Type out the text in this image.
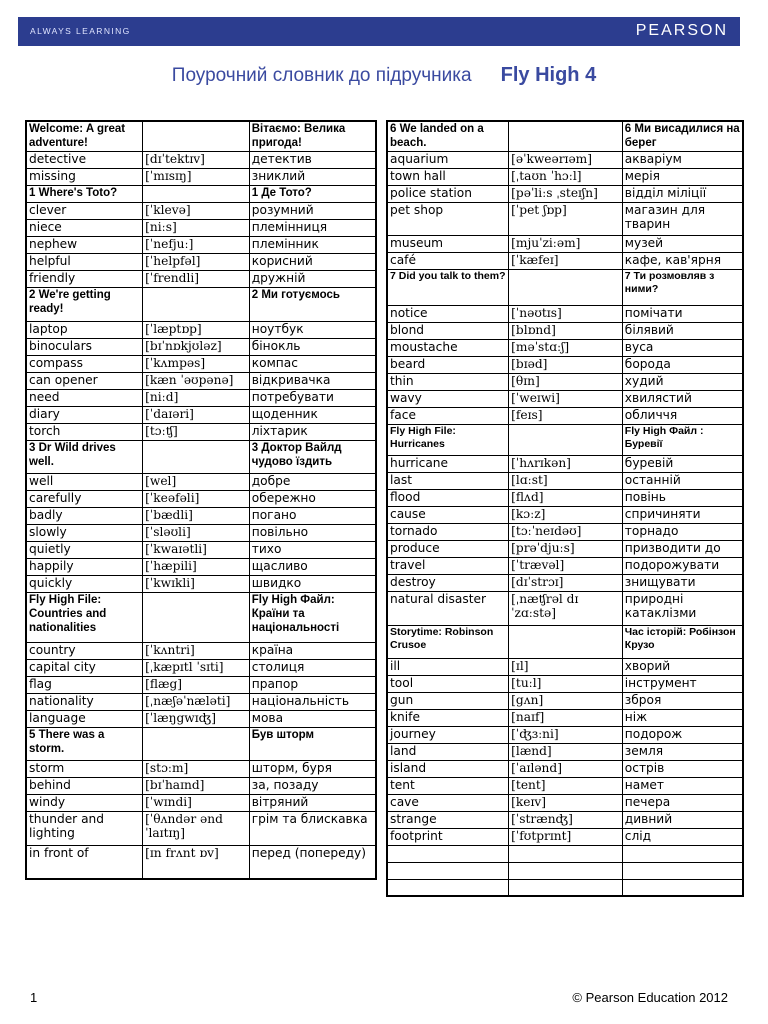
ALWAYS LEARNING	PEARSON
Поурочний словник до підручника Fly High 4
Welcome: A great adventure!		Вітаємо: Велика пригода!
detective	[dɪˈtektɪv]	детектив
missing	[ˈmɪsɪŋ]	зниклий
1 Where's Toto?		1 Де Тото?
clever	[ˈklevə]	розумний
niece	[niːs]	племінниця
nephew	[ˈnefjuː]	племінник
helpful	[ˈhelpfəl]	корисний
friendly	[ˈfrendli]	дружній
2 We're getting ready!		2 Ми готуємось
laptop	[ˈlæptɒp]	ноутбук
binoculars	[bɪˈnɒkjʊləz]	бінокль
compass	[ˈkʌmpəs]	компас
can opener	[kæn ˈəʊpənə]	відкривачка
need	[niːd]	потребувати
diary	[ˈdaɪəri]	щоденник
torch	[tɔːʧ]	ліхтарик
3 Dr Wild drives well.		3 Доктор Вайлд чудово їздить
well	[wel]	добре
carefully	[ˈkeəfəli]	обережно
badly	[ˈbædli]	погано
slowly	[ˈsləʊli]	повільно
quietly	[ˈkwaɪətli]	тихо
happily	[ˈhæpili]	щасливо
quickly	[ˈkwɪkli]	швидко
Fly High File: Countries and nationalities		Fly High Файл: Країни та національності
country	[ˈkʌntri]	країна
capital city	[ˌkæpɪtl ˈsɪti]	столиця
flag	[flæg]	прапор
nationality	[ˌnæʃəˈnæləti]	національність
language	[ˈlæŋgwɪʤ]	мова
5 There was a storm.		Був шторм
storm	[stɔːm]	шторм, буря
behind	[bɪˈhaɪnd]	за, позаду
windy	[ˈwɪndi]	вітряний
thunder and lighting	[ˈθʌndər ənd ˈlaɪtɪŋ]	грім та блискавка
in front of	[ɪn frʌnt ɒv]	перед (попереду)
6 We landed on a beach.		6 Ми висадилися на берег
aquarium	[əˈkweərɪəm]	акваріум
town hall	[ˌtaʊn ˈhɔːl]	мерія
police station	[pəˈliːs ˌsteɪʃn]	відділ міліції
pet shop	[ˈpet ʃɒp]	магазин для тварин
museum	[mjuˈziːəm]	музей
café	[ˈkæfeɪ]	кафе, кав'ярня
7 Did you talk to them?		7 Ти розмовляв з ними?
notice	[ˈnəʊtɪs]	помічати
blond	[blɒnd]	білявий
moustache	[məˈstɑːʃ]	вуса
beard	[bɪəd]	борода
thin	[θɪn]	худий
wavy	[ˈweɪwi]	хвилястий
face	[feɪs]	обличчя
Fly High File: Hurricanes		Fly High Файл : Буревії
hurricane	[ˈhʌrɪkən]	буревій
last	[lɑːst]	останній
flood	[flʌd]	повінь
cause	[kɔːz]	спричиняти
tornado	[tɔːˈneɪdəʊ]	торнадо
produce	[prəˈdjuːs]	призводити до
travel	[ˈtrævəl]	подорожувати
destroy	[dɪˈstrɔɪ]	знищувати
natural disaster	[ˌnæʧrəl dɪˈzɑːstə]	природні катаклізми
Storytime: Robinson Crusoe		Час історій: Робінзон Крузо
ill	[ɪl]	хворий
tool	[tuːl]	інструмент
gun	[gʌn]	зброя
knife	[naɪf]	ніж
journey	[ˈʤɜːni]	подорож
land	[lænd]	земля
island	[ˈaɪlənd]	острів
tent	[tent]	намет
cave	[keɪv]	печера
strange	[ˈstrænʤ]	дивний
footprint	[ˈfʊtprɪnt]	слід

1	© Pearson Education 2012
